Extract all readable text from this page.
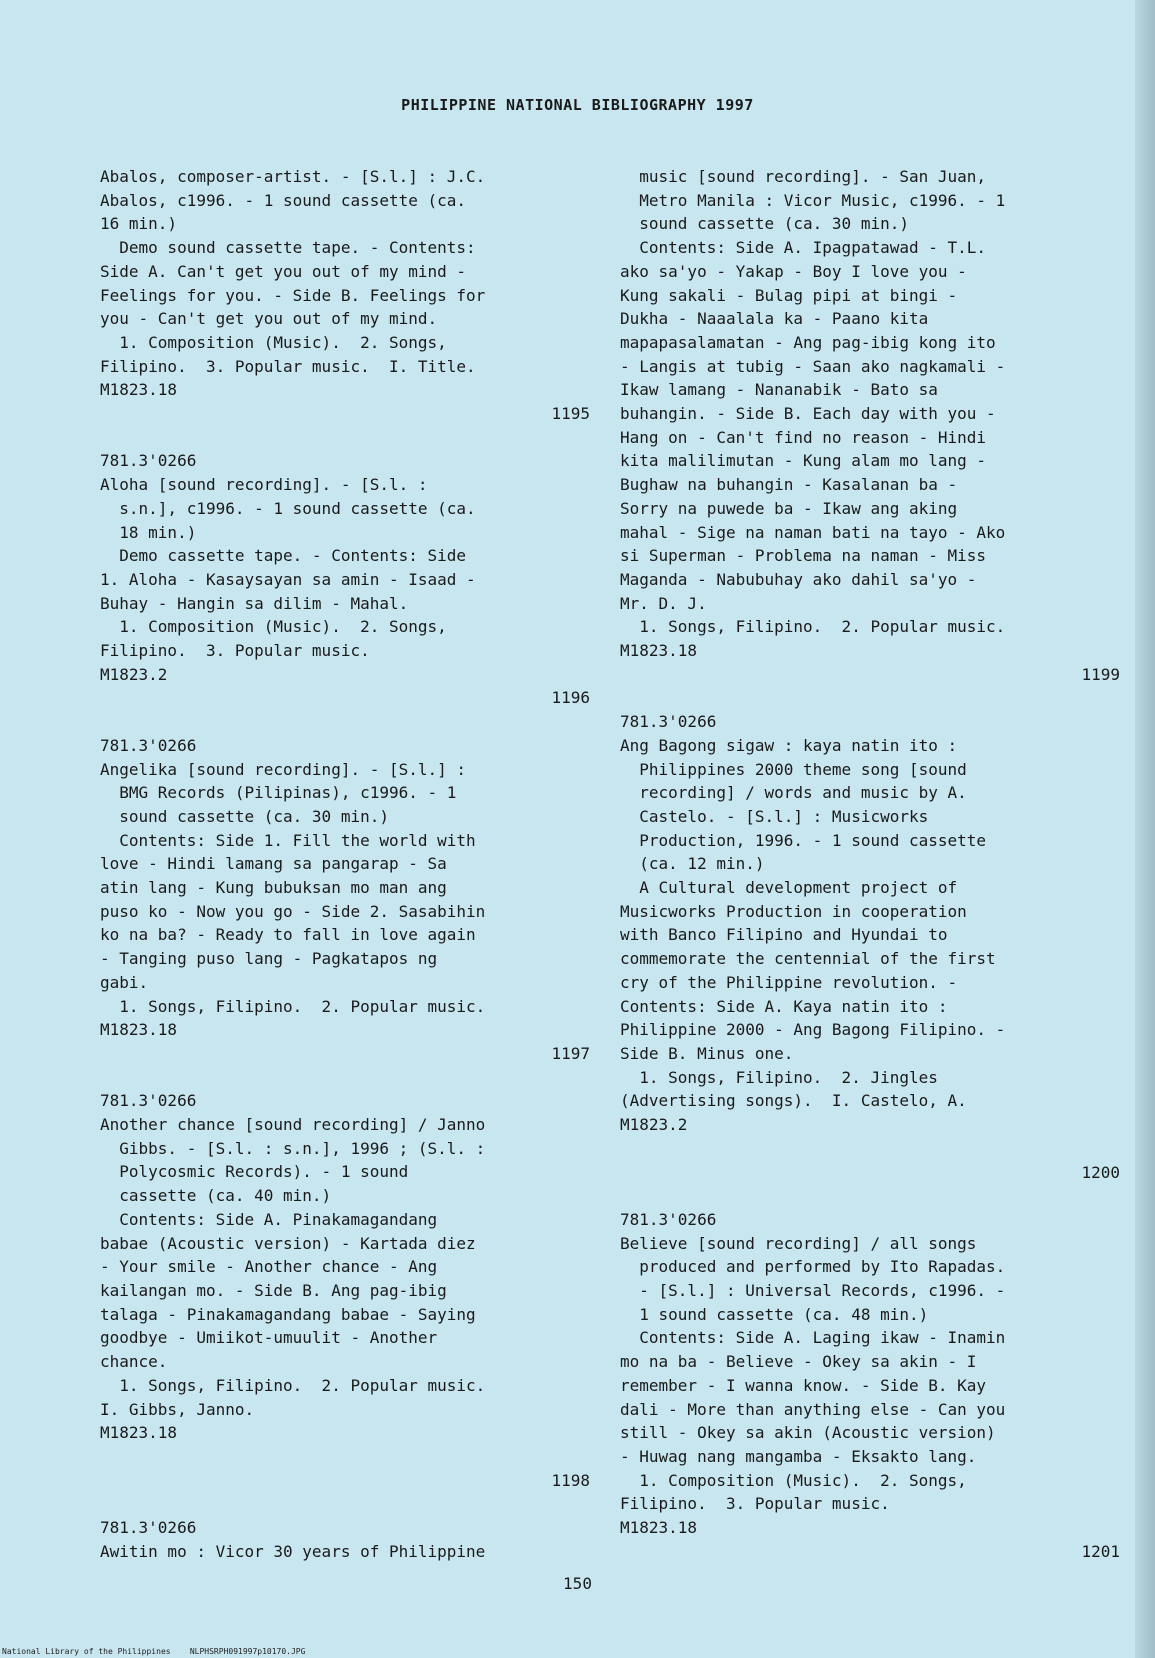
PHILIPPINE NATIONAL BIBLIOGRAPHY 1997
Abalos, composer-artist. - [S.l.] : J.C.
Abalos, c1996. - 1 sound cassette (ca.
16 min.)
Demo sound cassette tape. - Contents:
Side A. Can't get you out of my mind -
Feelings for you. - Side B. Feelings for
you - Can't get you out of my mind.
1. Composition (Music).  2. Songs,
Filipino.  3. Popular music.  I. Title.
M1823.18
1195
781.3'0266
Aloha [sound recording]. - [S.l. :
s.n.], c1996. - 1 sound cassette (ca.
18 min.)
Demo cassette tape. - Contents: Side
1. Aloha - Kasaysayan sa amin - Isaad -
Buhay - Hangin sa dilim - Mahal.
1. Composition (Music).  2. Songs,
Filipino.  3. Popular music.
M1823.2
1196
781.3'0266
Angelika [sound recording]. - [S.l.] :
BMG Records (Pilipinas), c1996. - 1
sound cassette (ca. 30 min.)
Contents: Side 1. Fill the world with
love - Hindi lamang sa pangarap - Sa
atin lang - Kung bubuksan mo man ang
puso ko - Now you go - Side 2. Sasabihin
ko na ba? - Ready to fall in love again
- Tanging puso lang - Pagkatapos ng
gabi.
1. Songs, Filipino.  2. Popular music.
M1823.18
1197
781.3'0266
Another chance [sound recording] / Janno
Gibbs. - [S.l. : s.n.], 1996 ; (S.l. :
Polycosmic Records). - 1 sound
cassette (ca. 40 min.)
Contents: Side A. Pinakamagandang
babae (Acoustic version) - Kartada diez
- Your smile - Another chance - Ang
kailangan mo. - Side B. Ang pag-ibig
talaga - Pinakamagandang babae - Saying
goodbye - Umiikot-umuulit - Another
chance.
1. Songs, Filipino.  2. Popular music.
I. Gibbs, Janno.
M1823.18
1198
781.3'0266
Awitin mo : Vicor 30 years of Philippine
music [sound recording]. - San Juan,
Metro Manila : Vicor Music, c1996. - 1
sound cassette (ca. 30 min.)
Contents: Side A. Ipagpatawad - T.L.
ako sa'yo - Yakap - Boy I love you -
Kung sakali - Bulag pipi at bingi -
Dukha - Naaalala ka - Paano kita
mapapasalamatan - Ang pag-ibig kong ito
- Langis at tubig - Saan ako nagkamali -
Ikaw lamang - Nananabik - Bato sa
buhangin. - Side B. Each day with you -
Hang on - Can't find no reason - Hindi
kita malilimutan - Kung alam mo lang -
Bughaw na buhangin - Kasalanan ba -
Sorry na puwede ba - Ikaw ang aking
mahal - Sige na naman bati na tayo - Ako
si Superman - Problema na naman - Miss
Maganda - Nabubuhay ako dahil sa'yo -
Mr. D. J.
1. Songs, Filipino.  2. Popular music.
M1823.18
1199
781.3'0266
Ang Bagong sigaw : kaya natin ito :
Philippines 2000 theme song [sound
recording] / words and music by A.
Castelo. - [S.l.] : Musicworks
Production, 1996. - 1 sound cassette
(ca. 12 min.)
A Cultural development project of
Musicworks Production in cooperation
with Banco Filipino and Hyundai to
commemorate the centennial of the first
cry of the Philippine revolution. -
Contents: Side A. Kaya natin ito :
Philippine 2000 - Ang Bagong Filipino. -
Side B. Minus one.
1. Songs, Filipino.  2. Jingles
(Advertising songs).  I. Castelo, A.
M1823.2
1200
781.3'0266
Believe [sound recording] / all songs
produced and performed by Ito Rapadas.
- [S.l.] : Universal Records, c1996. -
1 sound cassette (ca. 48 min.)
Contents: Side A. Laging ikaw - Inamin
mo na ba - Believe - Okey sa akin - I
remember - I wanna know. - Side B. Kay
dali - More than anything else - Can you
still - Okey sa akin (Acoustic version)
- Huwag nang mangamba - Eksakto lang.
1. Composition (Music).  2. Songs,
Filipino.  3. Popular music.
M1823.18
1201
150
National Library of the Philippines    NLPHSRPH091997p10170.JPG
